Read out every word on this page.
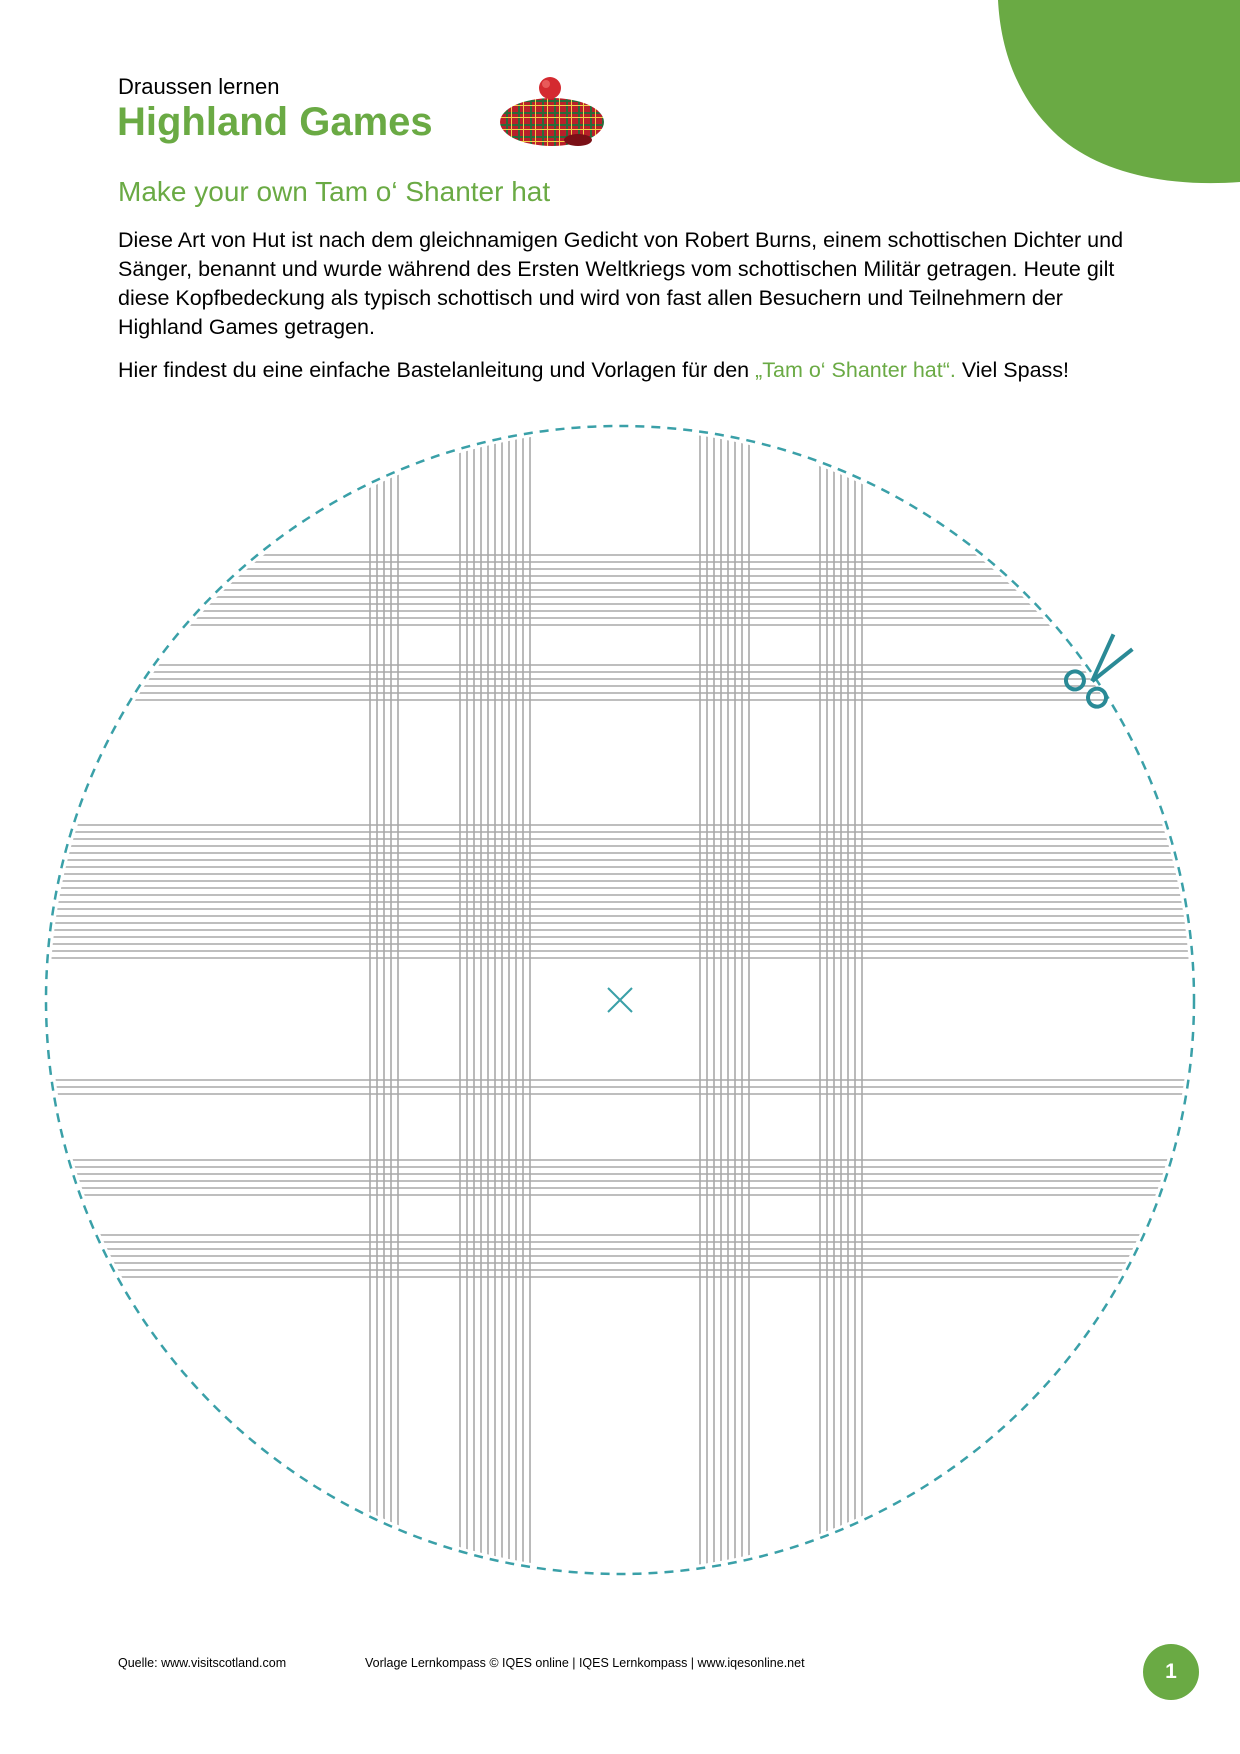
Draussen lernen
Highland Games
Make your own Tam o‘ Shanter hat

Diese Art von Hut ist nach dem gleichnamigen Gedicht von Robert Burns, einem schottischen Dichter und Sänger, benannt und wurde während des Ersten Weltkriegs vom schottischen Militär getragen. Heute gilt diese Kopfbedeckung als typisch schottisch und wird von fast allen Besuchern und Teilnehmern der Highland Games getragen.

Hier findest du eine einfache Bastelanleitung und Vorlagen für den „Tam o‘ Shanter hat“. Viel Spass!

Quelle: www.visitscotland.com	Vorlage Lernkompass © IQES online | IQES Lernkompass | www.iqesonline.net	1
